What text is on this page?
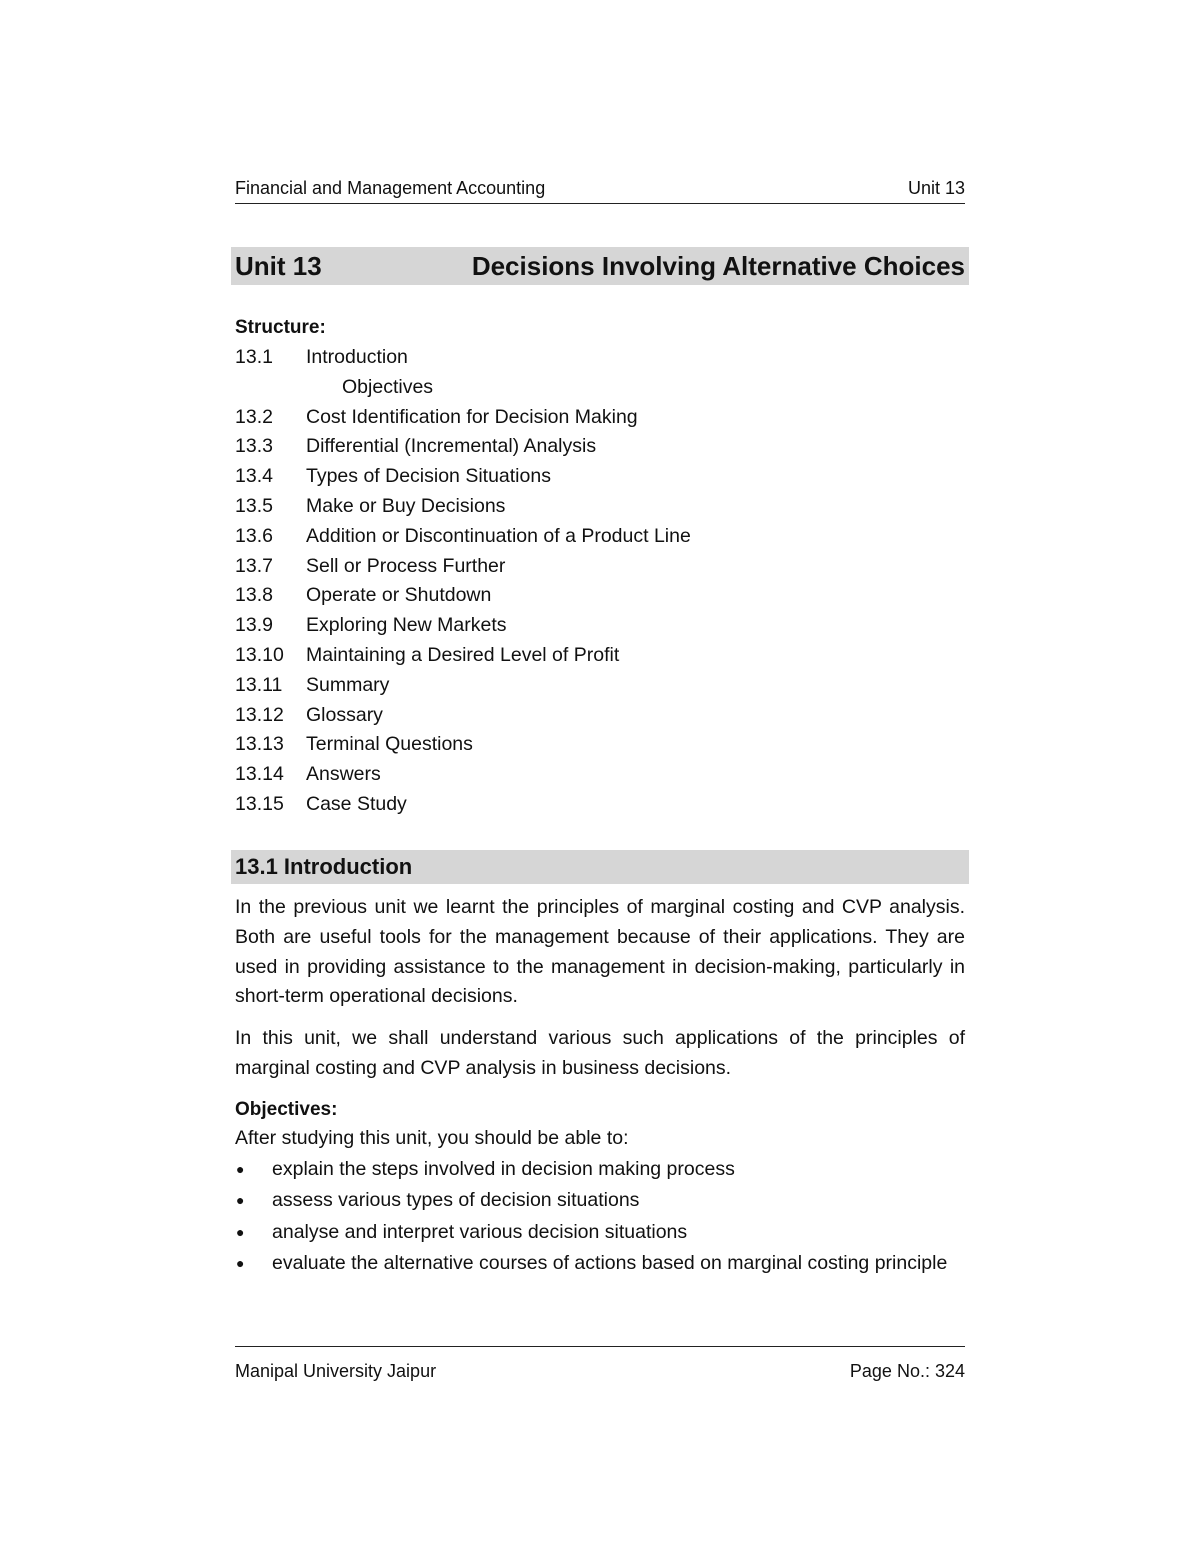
Financial and Management Accounting	Unit 13
Unit 13	Decisions Involving Alternative Choices
Structure:
13.1	Introduction
Objectives
13.2	Cost Identification for Decision Making
13.3	Differential (Incremental) Analysis
13.4	Types of Decision Situations
13.5	Make or Buy Decisions
13.6	Addition or Discontinuation of a Product Line
13.7	Sell or Process Further
13.8	Operate or Shutdown
13.9	Exploring New Markets
13.10	Maintaining a Desired Level of Profit
13.11	Summary
13.12	Glossary
13.13	Terminal Questions
13.14	Answers
13.15	Case Study
13.1 Introduction

In the previous unit we learnt the principles of marginal costing and CVP analysis. Both are useful tools for the management because of their applications. They are used in providing assistance to the management in decision-making, particularly in short-term operational decisions.

In this unit, we shall understand various such applications of the principles of marginal costing and CVP analysis in business decisions.

Objectives:

After studying this unit, you should be able to:

●	explain the steps involved in decision making process
●	assess various types of decision situations
●	analyse and interpret various decision situations
●	evaluate the alternative courses of actions based on marginal costing principle
Manipal University Jaipur	Page No.: 324
